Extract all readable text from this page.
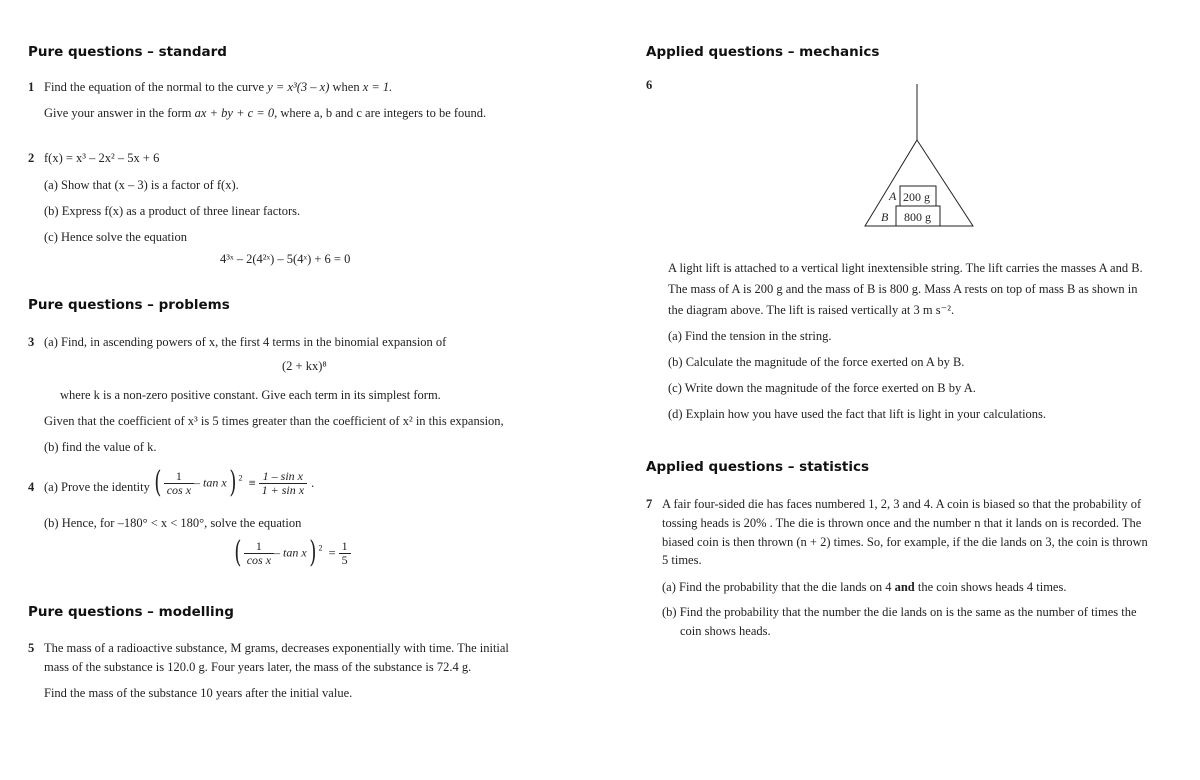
Pure questions – standard
1 Find the equation of the normal to the curve y = x³(3 – x) when x = 1.
Give your answer in the form ax + by + c = 0, where a, b and c are integers to be found.
2 f(x) = x³ – 2x² – 5x + 6
(a) Show that (x – 3) is a factor of f(x).
(b) Express f(x) as a product of three linear factors.
(c) Hence solve the equation
4³ˣ – 2(4²ˣ) – 5(4ˣ) + 6 = 0
Pure questions – problems
3 (a) Find, in ascending powers of x, the first 4 terms in the binomial expansion of
(2 + kx)⁸
where k is a non-zero positive constant. Give each term in its simplest form.
Given that the coefficient of x³ is 5 times greater than the coefficient of x² in this expansion,
(b) find the value of k.
4 (a) Prove the identity ( $\frac{1}{\text{cos x}}$ – tan x) $^2 \equiv \frac{\text{1 – sin x}}{\text{1 + sin x}}$ .
(b) Hence, for –180° < x < 180°, solve the equation
( $\frac{1}{\text{cos x}}$ – tan x) $^2 = \frac{1}{5}$
Pure questions – modelling
5 The mass of a radioactive substance, M grams, decreases exponentially with time. The initial
mass of the substance is 120.0 g. Four years later, the mass of the substance is 72.4 g.
Find the mass of the substance 10 years after the initial value.
Applied questions – mechanics
6
A 200 g
B 800 g
A light lift is attached to a vertical light inextensible string. The lift carries the masses A and B.
The mass of A is 200 g and the mass of B is 800 g. Mass A rests on top of mass B as shown in
the diagram above. The lift is raised vertically at 3 m s⁻².
(a) Find the tension in the string.
(b) Calculate the magnitude of the force exerted on A by B.
(c) Write down the magnitude of the force exerted on B by A.
(d) Explain how you have used the fact that lift is light in your calculations.
Applied questions – statistics
7 A fair four-sided die has faces numbered 1, 2, 3 and 4. A coin is biased so that the probability of
tossing heads is 20% . The die is thrown once and the number n that it lands on is recorded. The
biased coin is then thrown (n + 2) times. So, for example, if the die lands on 3, the coin is thrown
5 times.
(a) Find the probability that the die lands on 4 and the coin shows heads 4 times.
(b) Find the probability that the number the die lands on is the same as the number of times the
coin shows heads.
